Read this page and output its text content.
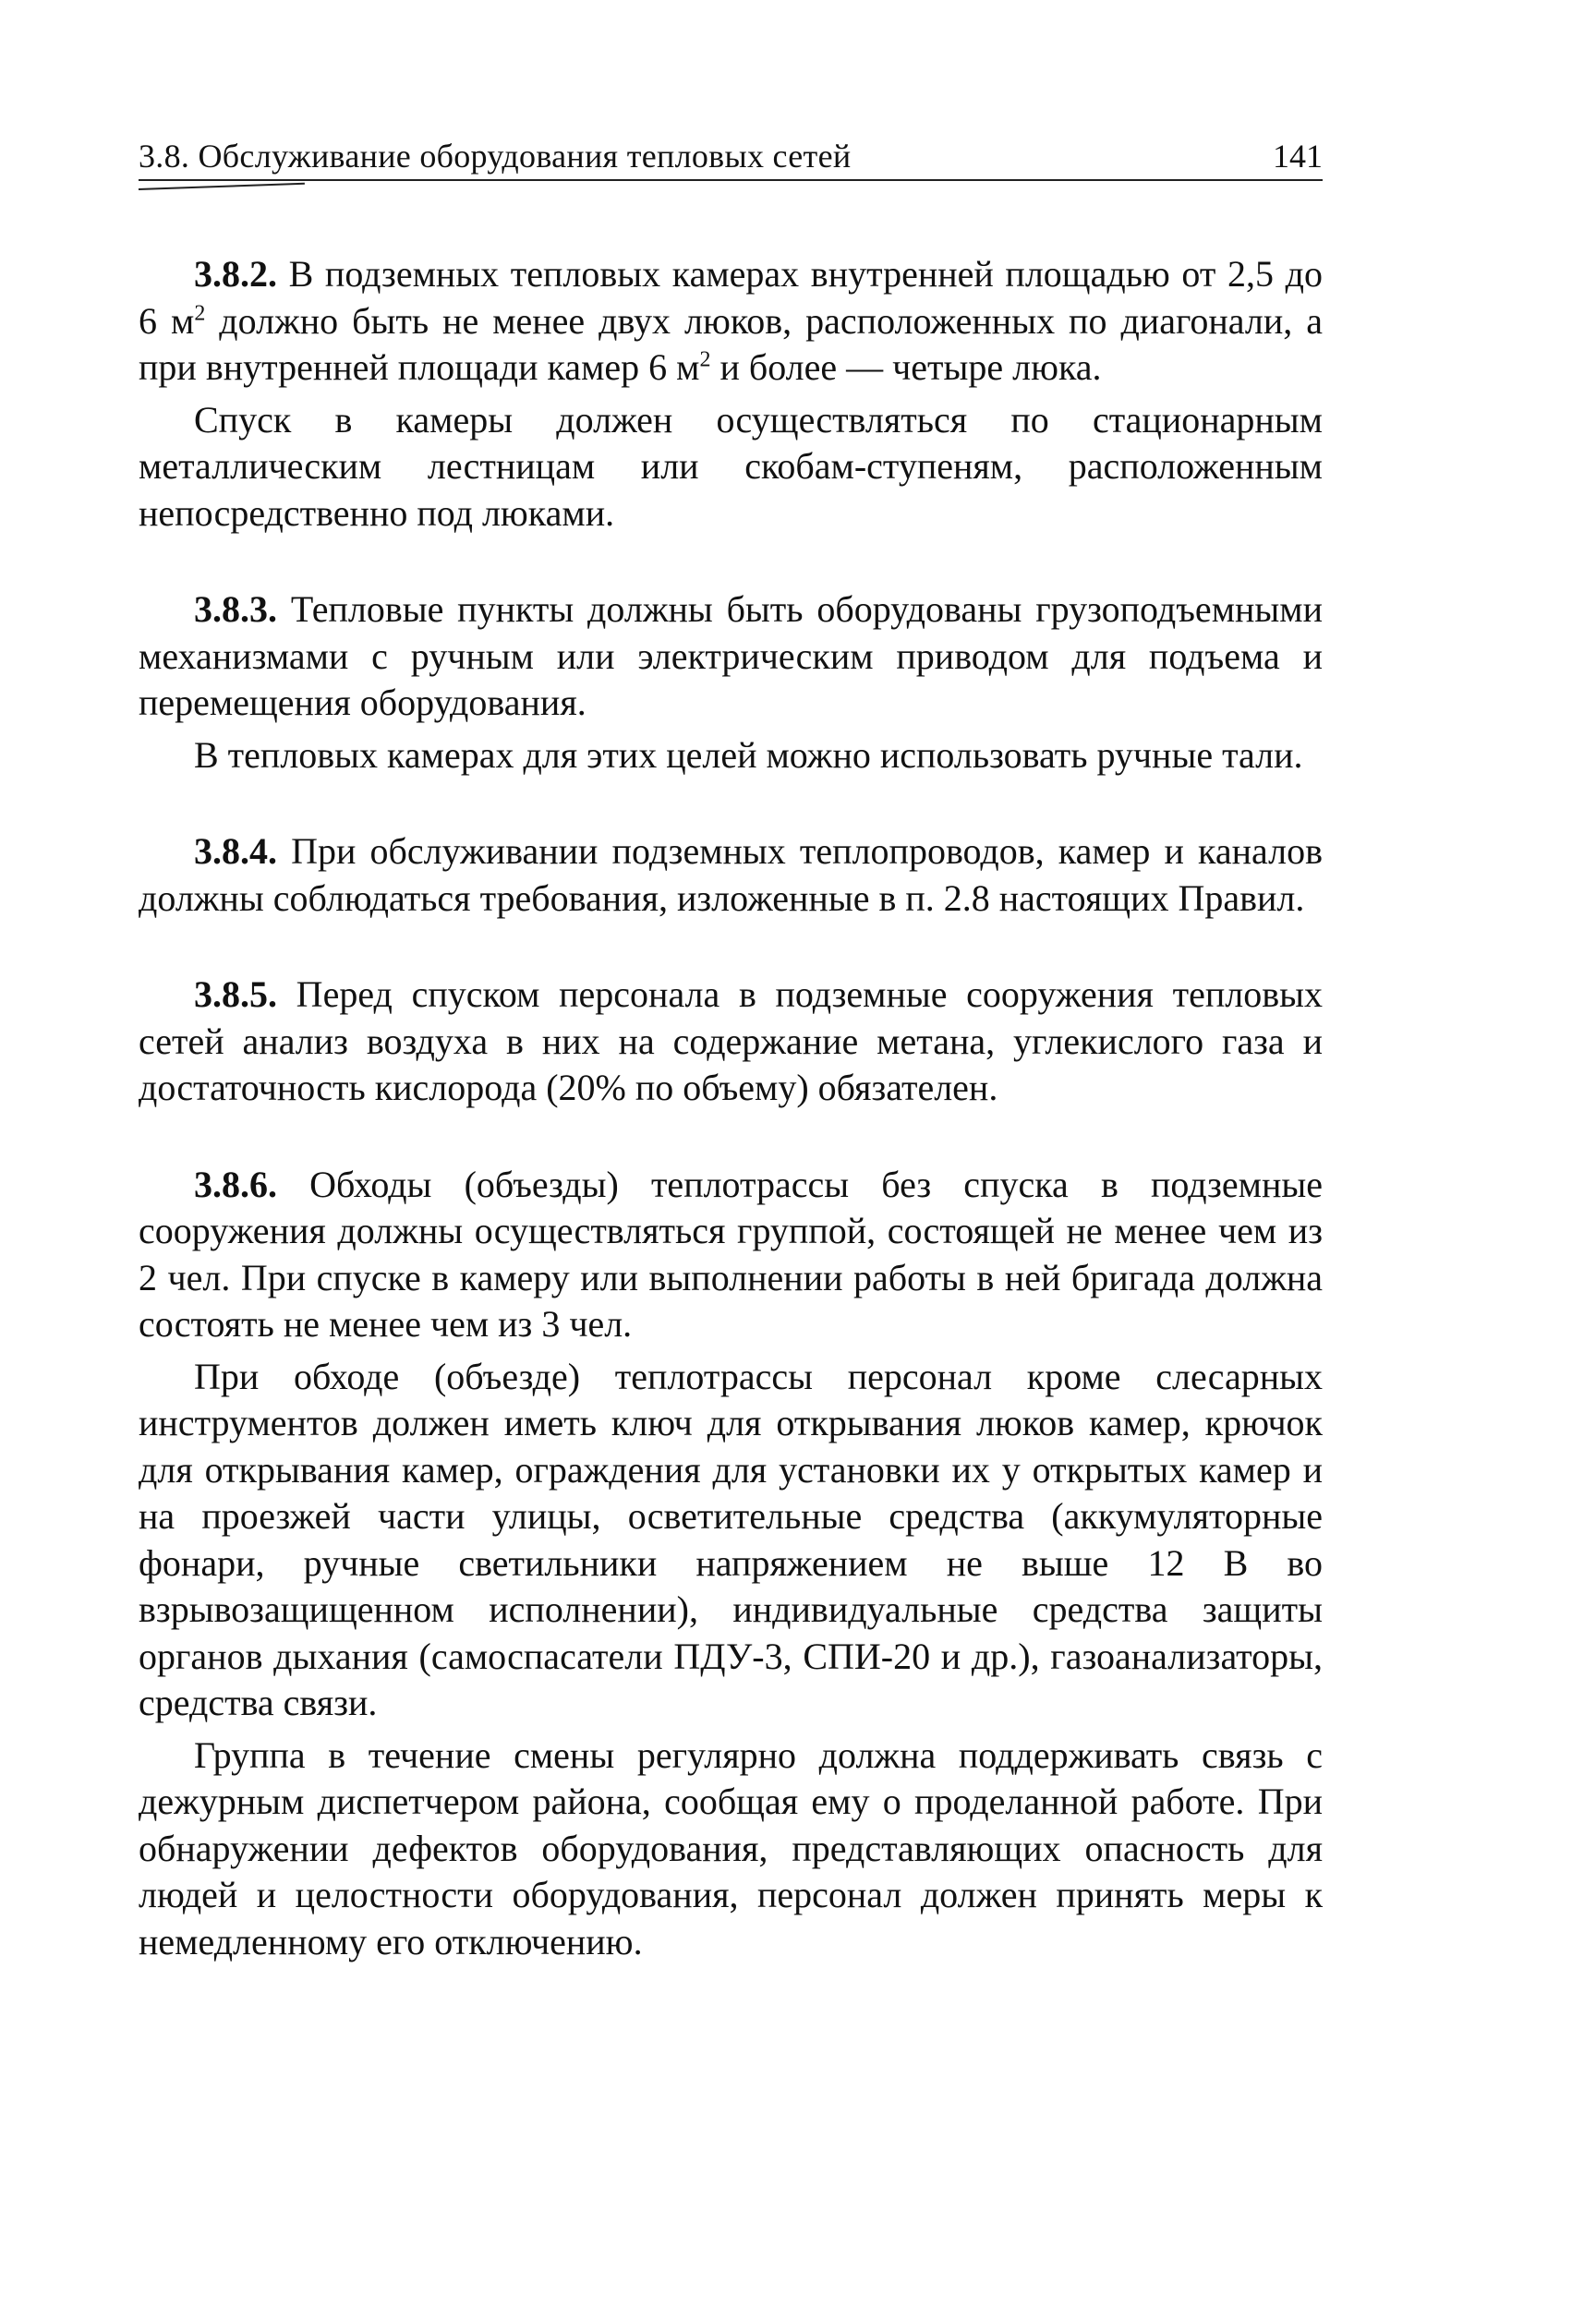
3.8. Обслуживание оборудования тепловых сетей	141

3.8.2. В подземных тепловых камерах внутренней площадью от 2,5 до 6 $м^2$ должно быть не менее двух люков, расположенных по диагонали, а при внутренней площади камер 6 $м^2$ и более — четыре люка.

Спуск в камеры должен осуществляться по стационарным металлическим лестницам или скобам-ступеням, расположенным непосредственно под люками.

3.8.3. Тепловые пункты должны быть оборудованы грузоподъемными механизмами с ручным или электрическим приводом для подъема и перемещения оборудования.

В тепловых камерах для этих целей можно использовать ручные тали.

3.8.4. При обслуживании подземных теплопроводов, камер и каналов должны соблюдаться требования, изложенные в п. 2.8 настоящих Правил.

3.8.5. Перед спуском персонала в подземные сооружения тепловых сетей анализ воздуха в них на содержание метана, углекислого газа и достаточность кислорода (20% по объему) обязателен.

3.8.6. Обходы (объезды) теплотрассы без спуска в подземные сооружения должны осуществляться группой, состоящей не менее чем из 2 чел. При спуске в камеру или выполнении работы в ней бригада должна состоять не менее чем из 3 чел.

При обходе (объезде) теплотрассы персонал кроме слесарных инструментов должен иметь ключ для открывания люков камер, крючок для открывания камер, ограждения для установки их у открытых камер и на проезжей части улицы, осветительные средства (аккумуляторные фонари, ручные светильники напряжением не выше 12 В во взрывозащищенном исполнении), индивидуальные средства защиты органов дыхания (самоспасатели ПДУ-3, СПИ-20 и др.), газоанализаторы, средства связи.

Группа в течение смены регулярно должна поддерживать связь с дежурным диспетчером района, сообщая ему о проделанной работе. При обнаружении дефектов оборудования, представляющих опасность для людей и целостности оборудования, персонал должен принять меры к немедленному его отключению.
